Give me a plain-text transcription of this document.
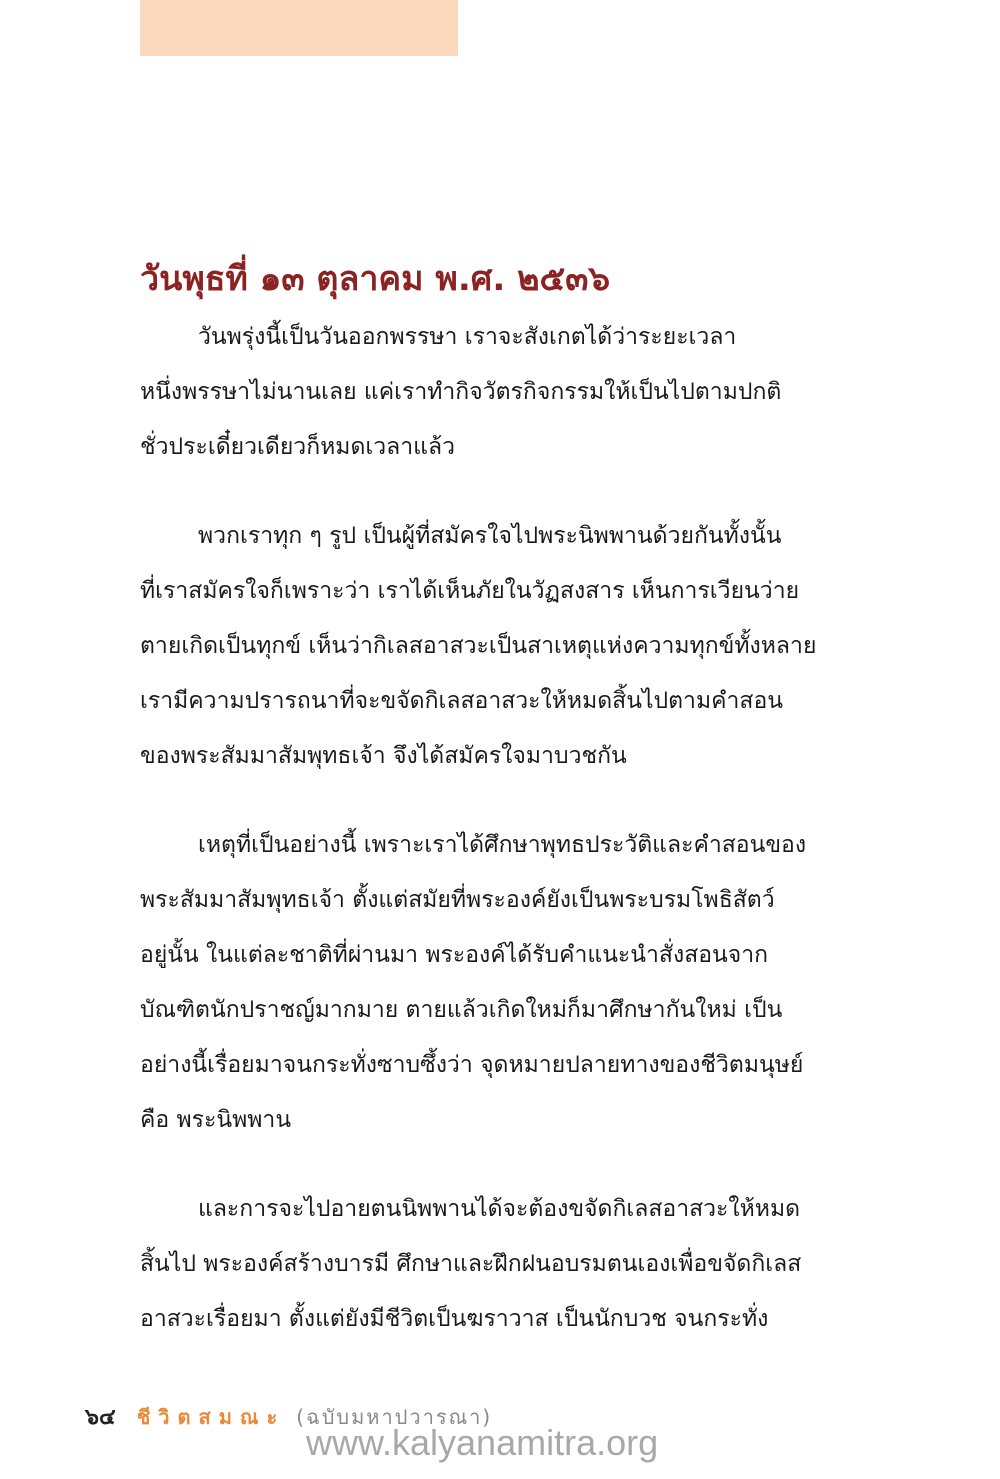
วันพุธที่ ๑๓ ตุลาคม พ.ศ. ๒๕๓๖

วันพรุ่งนี้เป็นวันออกพรรษา เราจะสังเกตได้ว่าระยะเวลา
หนึ่งพรรษาไม่นานเลย แค่เราทำกิจวัตรกิจกรรมให้เป็นไปตามปกติ
ชั่วประเดี๋ยวเดียวก็หมดเวลาแล้ว

พวกเราทุก ๆ รูป เป็นผู้ที่สมัครใจไปพระนิพพานด้วยกันทั้งนั้น
ที่เราสมัครใจก็เพราะว่า เราได้เห็นภัยในวัฏสงสาร เห็นการเวียนว่าย
ตายเกิดเป็นทุกข์ เห็นว่ากิเลสอาสวะเป็นสาเหตุแห่งความทุกข์ทั้งหลาย
เรามีความปรารถนาที่จะขจัดกิเลสอาสวะให้หมดสิ้นไปตามคำสอน
ของพระสัมมาสัมพุทธเจ้า จึงได้สมัครใจมาบวชกัน

เหตุที่เป็นอย่างนี้ เพราะเราได้ศึกษาพุทธประวัติและคำสอนของ
พระสัมมาสัมพุทธเจ้า ตั้งแต่สมัยที่พระองค์ยังเป็นพระบรมโพธิสัตว์
อยู่นั้น ในแต่ละชาติที่ผ่านมา พระองค์ได้รับคำแนะนำสั่งสอนจาก
บัณฑิตนักปราชญ์มากมาย ตายแล้วเกิดใหม่ก็มาศึกษากันใหม่ เป็น
อย่างนี้เรื่อยมาจนกระทั่งซาบซึ้งว่า จุดหมายปลายทางของชีวิตมนุษย์
คือ พระนิพพาน

และการจะไปอายตนนิพพานได้จะต้องขจัดกิเลสอาสวะให้หมด
สิ้นไป พระองค์สร้างบารมี ศึกษาและฝึกฝนอบรมตนเองเพื่อขจัดกิเลส
อาสวะเรื่อยมา ตั้งแต่ยังมีชีวิตเป็นฆราวาส เป็นนักบวช จนกระทั่ง

๖๔ ชีวิตสมณะ (ฉบับมหาปวารณา)
www.kalyanamitra.org
